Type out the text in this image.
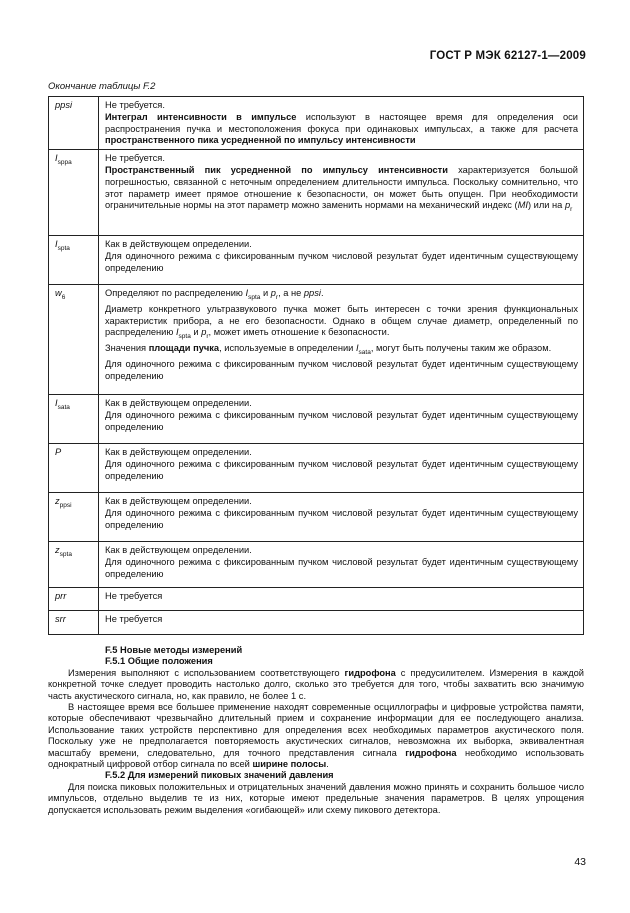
ГОСТ Р МЭК 62127-1—2009
Окончание таблицы F.2
ppsi	Не требуется.

Интеграл интенсивности в импульсе используют в настоящее время для определения оси распространения пучка и местоположения фокуса при одинаковых импульсах, а также для расчета пространственного пика усредненной по импульсу интенсивности

$I_{sppa}$	Не требуется.

Пространственный пик усредненной по импульсу интенсивности характеризуется большой погрешностью, связанной с неточным определением длительности импульса. Поскольку сомнительно, что этот параметр имеет прямое отношение к безопасности, он может быть опущен. При необходимости ограничительные нормы на этот параметр можно заменить нормами на механический индекс (MI) или на $p_r$

$I_{spta}$	Как в действующем определении.

Для одиночного режима с фиксированным пучком числовой результат будет идентичным существующему определению

$w_6$	Определяют по распределению $I_{spta}$ и $p_r$, а не ppsi.

Диаметр конкретного ультразвукового пучка может быть интересен с точки зрения функциональных характеристик прибора, а не его безопасности. Однако в общем случае диаметр, определенный по распределению $I_{spta}$ и $p_r$, может иметь отношение к безопасности.

Значения площади пучка, используемые в определении $I_{sata}$, могут быть получены таким же образом.

Для одиночного режима с фиксированным пучком числовой результат будет идентичным существующему определению

$I_{sata}$	Как в действующем определении.

Для одиночного режима с фиксированным пучком числовой результат будет идентичным существующему определению

P	Как в действующем определении.

Для одиночного режима с фиксированным пучком числовой результат будет идентичным существующему определению

$z_{ppsi}$	Как в действующем определении.

Для одиночного режима с фиксированным пучком числовой результат будет идентичным существующему определению

$z_{spta}$	Как в действующем определении.

Для одиночного режима с фиксированным пучком числовой результат будет идентичным существующему определению

prr	Не требуется

srr	Не требуется

F.5 Новые методы измерений
F.5.1 Общие положения

Измерения выполняют с использованием соответствующего гидрофона с предусилителем. Измерения в каждой конкретной точке следует проводить настолько долго, сколько это требуется для того, чтобы захватить всю значимую часть акустического сигнала, но, как правило, не более 1 с.

В настоящее время все большее применение находят современные осциллографы и цифровые устройства памяти, которые обеспечивают чрезвычайно длительный прием и сохранение информации для ее последующего анализа. Использование таких устройств перспективно для определения всех необходимых параметров акустического поля. Поскольку уже не предполагается повторяемость акустических сигналов, невозможна их выборка, эквивалентная масштабу времени, следовательно, для точного представления сигнала гидрофона необходимо использовать однократный цифровой отбор сигнала по всей ширине полосы.

F.5.2 Для измерений пиковых значений давления

Для поиска пиковых положительных и отрицательных значений давления можно принять и сохранить большое число импульсов, отдельно выделив те из них, которые имеют предельные значения параметров. В целях упрощения допускается использовать режим выделения «огибающей» или схему пикового детектора.

43
